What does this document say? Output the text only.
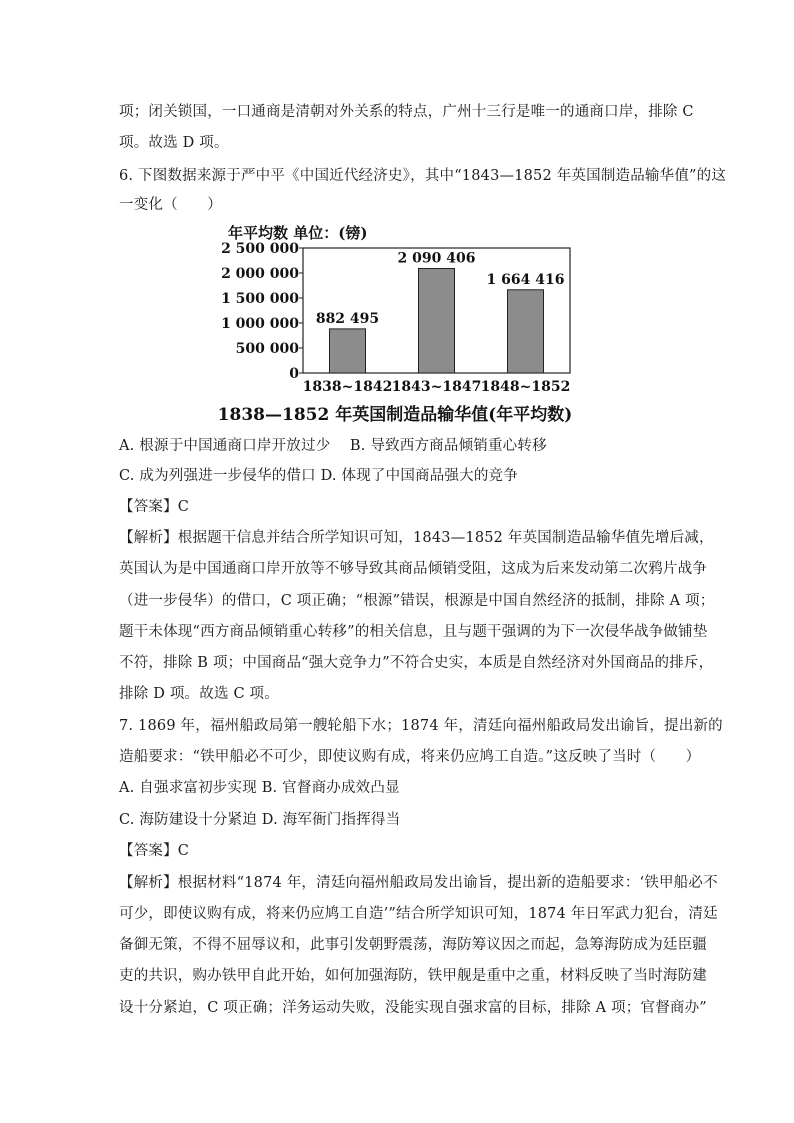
项；闭关锁国，一口通商是清朝对外关系的特点，广州十三行是唯一的通商口岸，排除 C
项。故选 D 项。
6. 下图数据来源于严中平《中国近代经济史》，其中“1843—1852 年英国制造品输华值”的这
一变化（　　）
年平均数 单位：(镑)
1838—1852 年英国制造品输华值(年平均数)
0
500 000
1 000 000
1 500 000
2 000 000
2 500 000
882 495
1838~1842
2 090 406
1843~1847
1 664 416
1848~1852
A. 根源于中国通商口岸开放过少　 B. 导致西方商品倾销重心转移
C. 成为列强进一步侵华的借口 D. 体现了中国商品强大的竞争
【答案】C
【解析】根据题干信息并结合所学知识可知，1843—1852 年英国制造品输华值先增后减，
英国认为是中国通商口岸开放等不够导致其商品倾销受阻，这成为后来发动第二次鸦片战争
（进一步侵华）的借口，C 项正确；“根源”错误，根源是中国自然经济的抵制，排除 A 项；
题干未体现“西方商品倾销重心转移”的相关信息，且与题干强调的为下一次侵华战争做铺垫
不符，排除 B 项；中国商品“强大竞争力”不符合史实，本质是自然经济对外国商品的排斥，
排除 D 项。故选 C 项。
7. 1869 年，福州船政局第一艘轮船下水；1874 年，清廷向福州船政局发出谕旨，提出新的
造船要求：“铁甲船必不可少，即使议购有成，将来仍应鸠工自造。”这反映了当时（　　）
A. 自强求富初步实现 B. 官督商办成效凸显
C. 海防建设十分紧迫 D. 海军衙门指挥得当
【答案】C
【解析】根据材料“1874 年，清廷向福州船政局发出谕旨，提出新的造船要求：‘铁甲船必不
可少，即使议购有成，将来仍应鸠工自造’”结合所学知识可知，1874 年日军武力犯台，清廷
备御无策，不得不屈辱议和，此事引发朝野震荡，海防筹议因之而起，急筹海防成为廷臣疆
吏的共识，购办铁甲自此开始，如何加强海防，铁甲舰是重中之重，材料反映了当时海防建
设十分紧迫，C 项正确；洋务运动失败，没能实现自强求富的目标，排除 A 项；官督商办”
